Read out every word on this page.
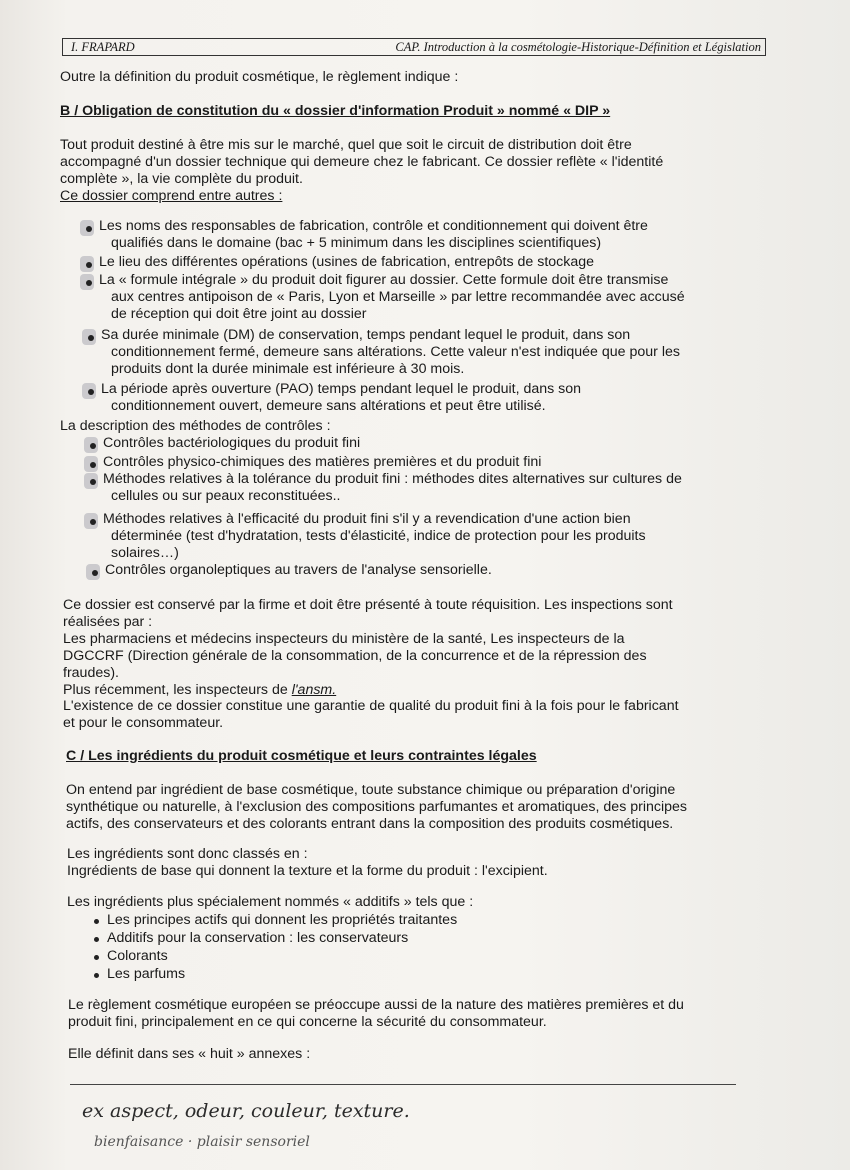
I. FRAPARD	CAP. Introduction à la cosmétologie-Historique-Définition et Législation
Outre la définition du produit cosmétique, le règlement indique :
B / Obligation de constitution du « dossier d'information Produit » nommé « DIP »
Tout produit destiné à être mis sur le marché, quel que soit le circuit de distribution doit être
accompagné d'un dossier technique qui demeure chez le fabricant. Ce dossier reflète « l'identité
complète », la vie complète du produit.
Ce dossier comprend entre autres :
Les noms des responsables de fabrication, contrôle et conditionnement qui doivent être
qualifiés dans le domaine (bac + 5 minimum dans les disciplines scientifiques)
Le lieu des différentes opérations (usines de fabrication, entrepôts de stockage
La « formule intégrale » du produit doit figurer au dossier. Cette formule doit être transmise
aux centres antipoison de « Paris, Lyon et Marseille » par lettre recommandée avec accusé
de réception qui doit être joint au dossier
Sa durée minimale (DM) de conservation, temps pendant lequel le produit, dans son
conditionnement fermé, demeure sans altérations. Cette valeur n'est indiquée que pour les
produits dont la durée minimale est inférieure à 30 mois.
La période après ouverture (PAO) temps pendant lequel le produit, dans son
conditionnement ouvert, demeure sans altérations et peut être utilisé.
La description des méthodes de contrôles :
Contrôles bactériologiques du produit fini
Contrôles physico-chimiques des matières premières et du produit fini
Méthodes relatives à la tolérance du produit fini : méthodes dites alternatives sur cultures de
cellules ou sur peaux reconstituées..
Méthodes relatives à l'efficacité du produit fini s'il y a revendication d'une action bien
déterminée (test d'hydratation, tests d'élasticité, indice de protection pour les produits
solaires…)
Contrôles organoleptiques au travers de l'analyse sensorielle.
Ce dossier est conservé par la firme et doit être présenté à toute réquisition. Les inspections sont
réalisées par :
Les pharmaciens et médecins inspecteurs du ministère de la santé, Les inspecteurs de la
DGCCRF (Direction générale de la consommation, de la concurrence et de la répression des
fraudes).
Plus récemment, les inspecteurs de l'ansm.
L'existence de ce dossier constitue une garantie de qualité du produit fini à la fois pour le fabricant
et pour le consommateur.
C / Les ingrédients du produit cosmétique et leurs contraintes légales
On entend par ingrédient de base cosmétique, toute substance chimique ou préparation d'origine
synthétique ou naturelle, à l'exclusion des compositions parfumantes et aromatiques, des principes
actifs, des conservateurs et des colorants entrant dans la composition des produits cosmétiques.
Les ingrédients sont donc classés en :
Ingrédients de base qui donnent la texture et la forme du produit : l'excipient.
Les ingrédients plus spécialement nommés « additifs » tels que :
Les principes actifs qui donnent les propriétés traitantes
Additifs pour la conservation : les conservateurs
Colorants
Les parfums
Le règlement cosmétique européen se préoccupe aussi de la nature des matières premières et du
produit fini, principalement en ce qui concerne la sécurité du consommateur.
Elle définit dans ses « huit » annexes :
ex aspect, odeur, couleur, texture.
bienfaisance · plaisir sensoriel
